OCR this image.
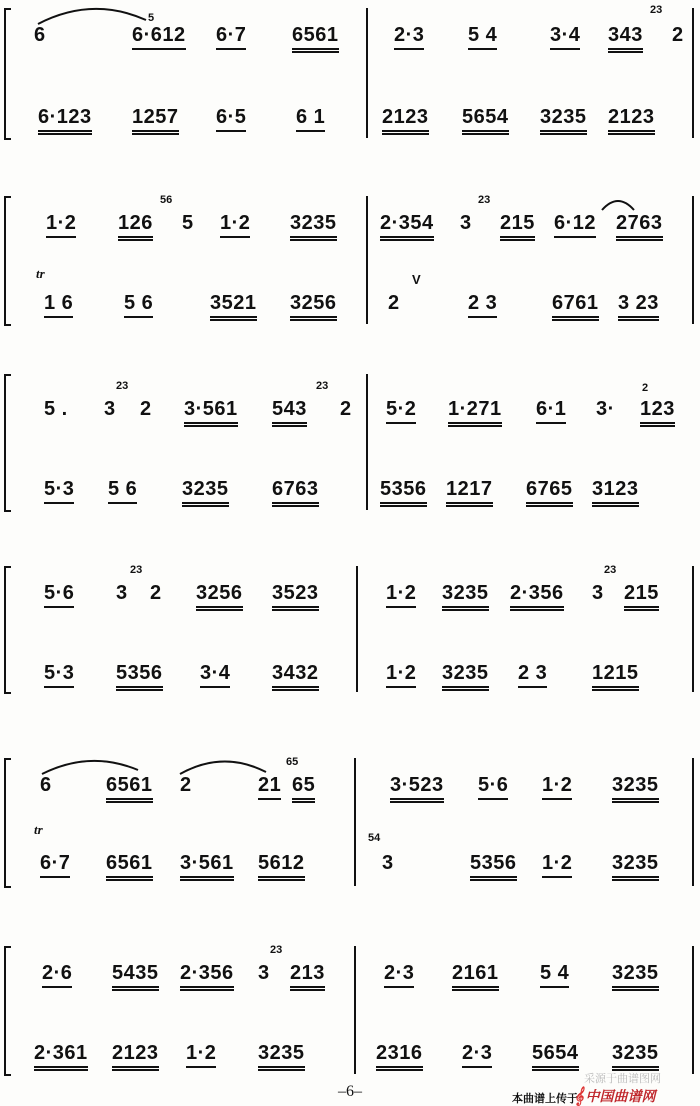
5
23
6	6·612 6·7 6561	2·3 5 4	3·4 343 2
6·123 1257 6·5 6 1	2123 5654 3235 2123
56	23
tr	V
1·2 126 5 1·2 3235 2·354 3 215 6·12 2763
1 6	5 6	3521 3256	2	2 3	6761 3 23
23	23	2
5 . 3 2 3·561 543 2 5·2 1·271 6·1 3· 123
5·3 5 6 3235 6763	5356 1217 6765 3123
23	23
5·6 3 2 3256 3523	1·2 3235 2·356 3 215
5·3 5356 3·4 3432	1·2 3235 2 3 1215
65
tr
54
6	6561 2	21 65	3·523 5·6 1·2 3235
6·7 6561 3·561 5612	3	5356 1·2 3235
23
2·6 5435 2·356 3 213	2·3 2161 5 4 3235
2·361 2123 1·2 3235	2316 2·3 5654 3235
–6–
采源于曲谱图网
本曲谱上传于
𝄞 中国曲谱网
